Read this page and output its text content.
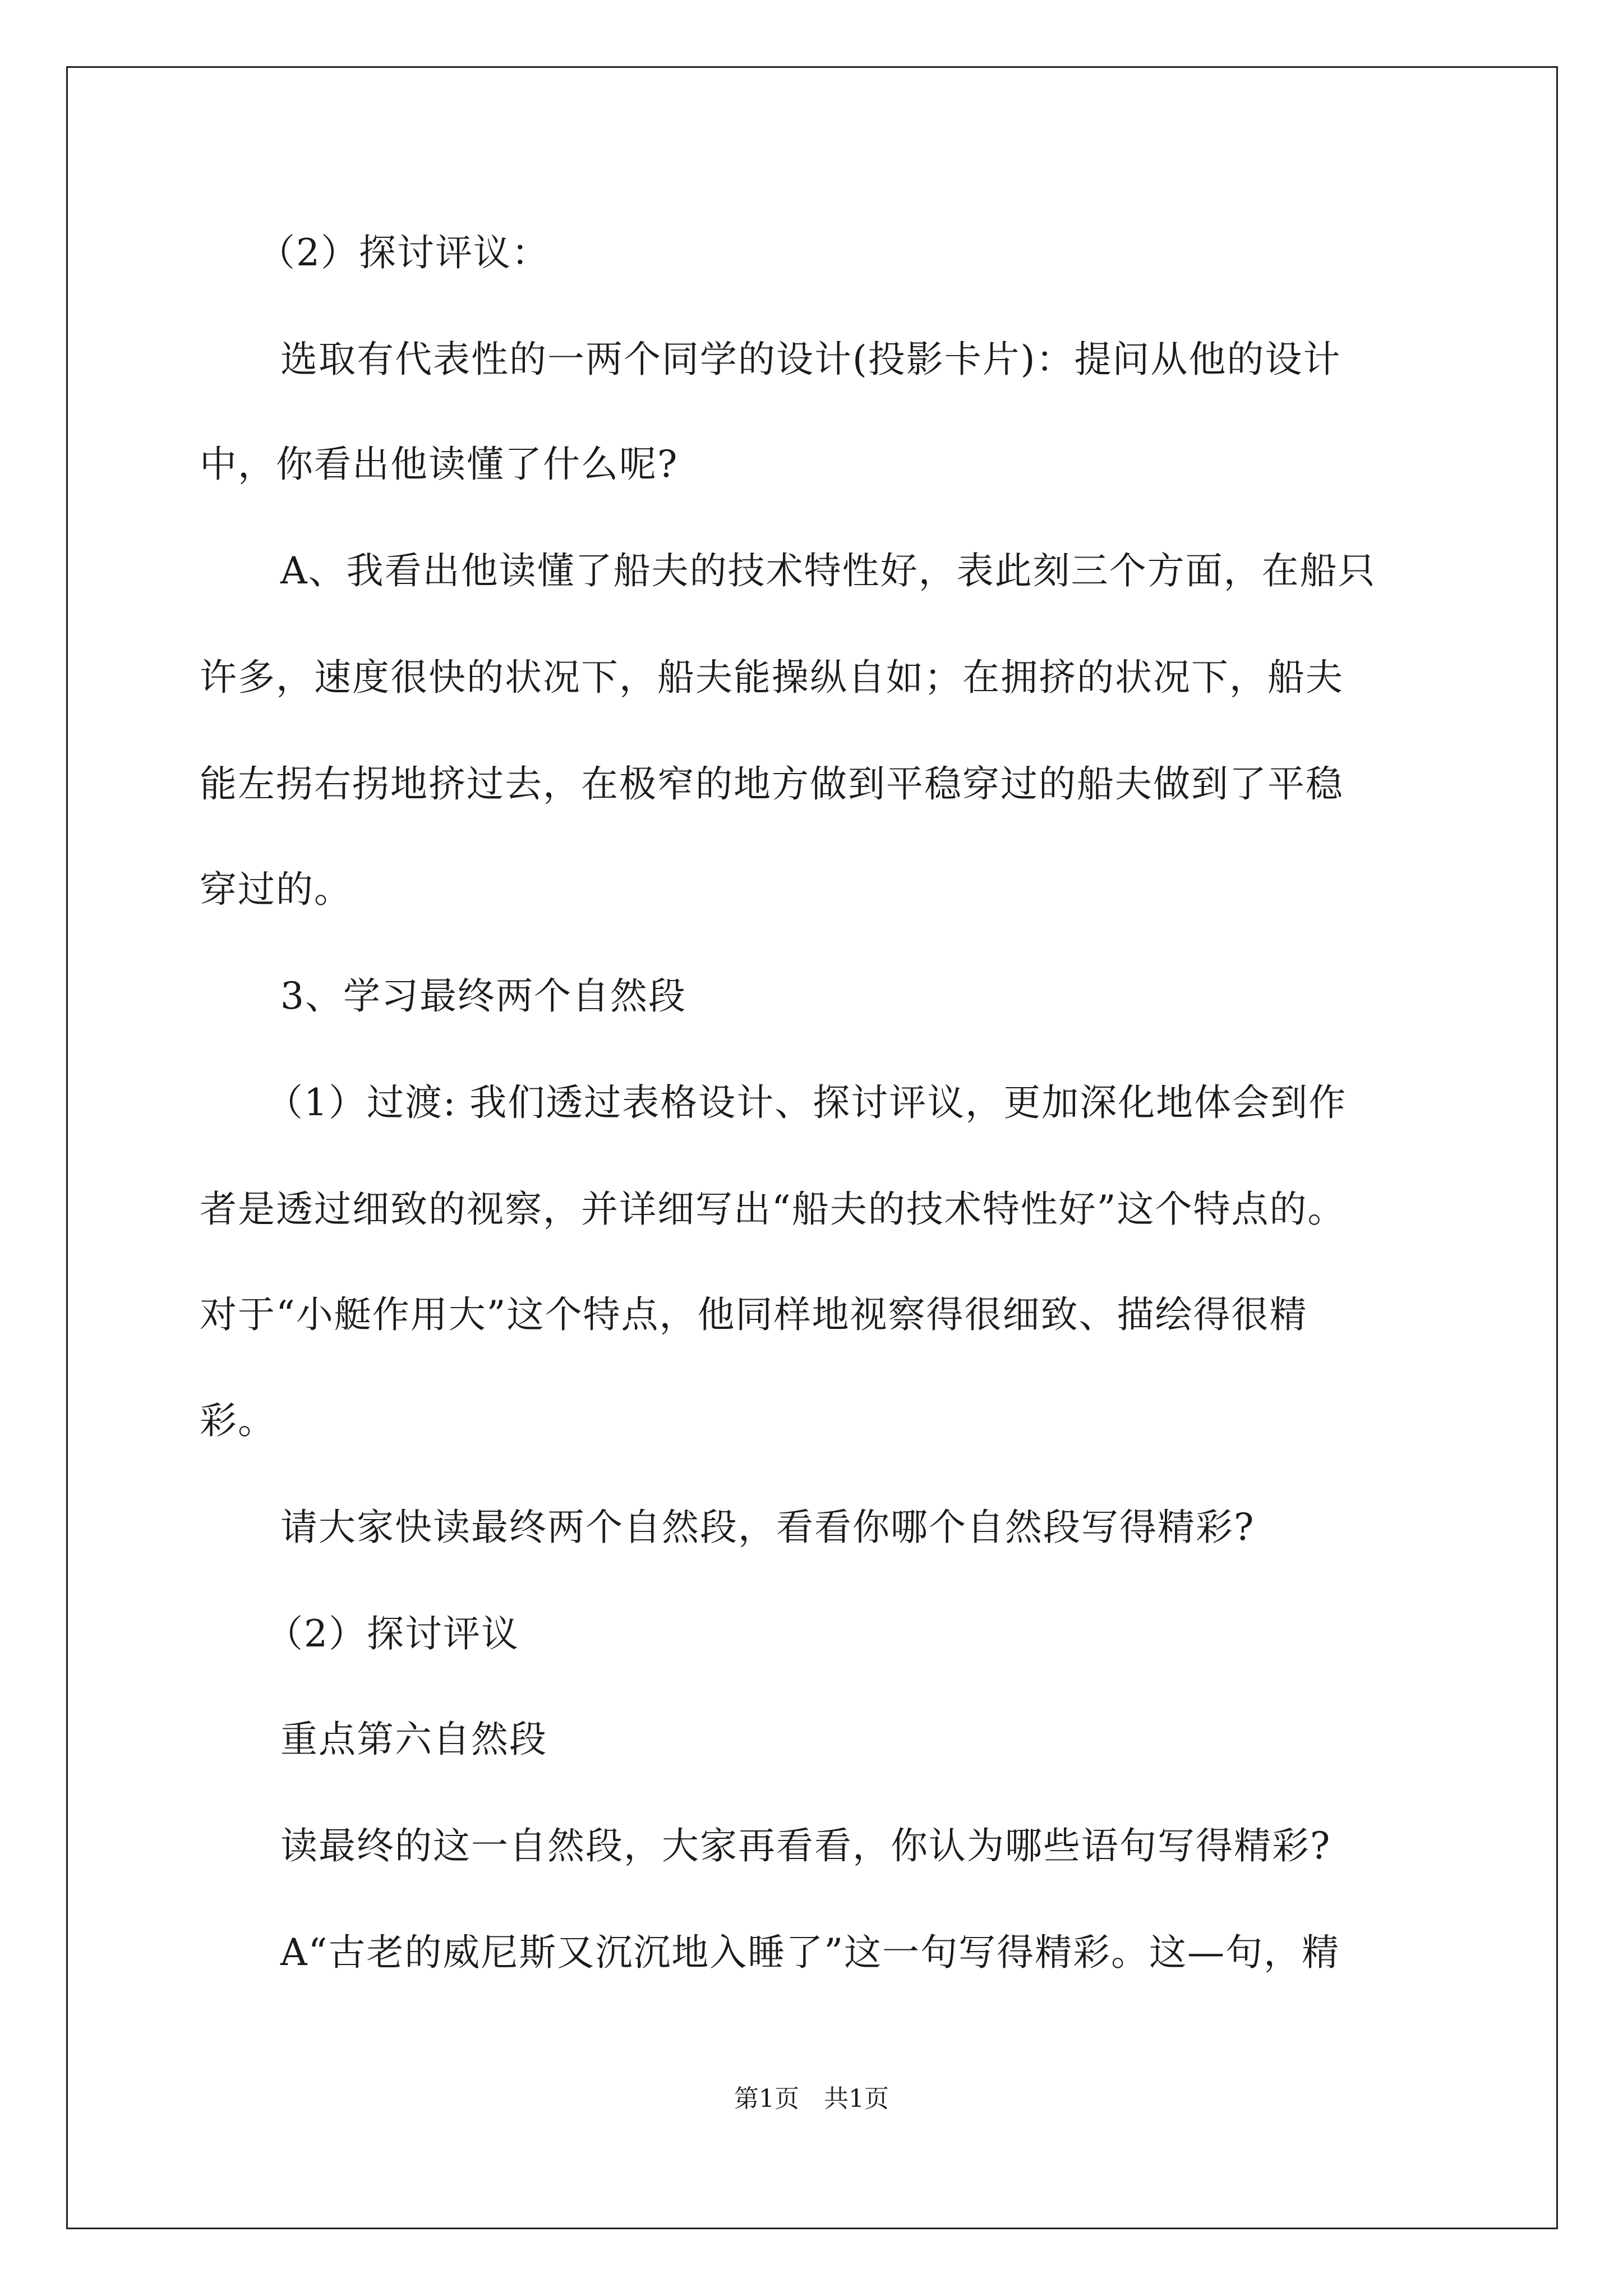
（2）探讨评议：
选取有代表性的一两个同学的设计(投影卡片)：提问从他的设计
中，你看出他读懂了什么呢?
A、我看出他读懂了船夫的技术特性好，表此刻三个方面，在船只
许多，速度很快的状况下，船夫能操纵自如；在拥挤的状况下，船夫
能左拐右拐地挤过去，在极窄的地方做到平稳穿过的船夫做到了平稳
穿过的。
3、学习最终两个自然段
（1）过渡: 我们透过表格设计、探讨评议，更加深化地体会到作
者是透过细致的视察，并详细写出“船夫的技术特性好”这个特点的。
对于“小艇作用大”这个特点，他同样地视察得很细致、描绘得很精
彩。
请大家快读最终两个自然段，看看你哪个自然段写得精彩?
（2）探讨评议
重点第六自然段
读最终的这一自然段，大家再看看，你认为哪些语句写得精彩?
A“古老的威尼斯又沉沉地入睡了”这一句写得精彩。这—句，精
第1页　共1页
